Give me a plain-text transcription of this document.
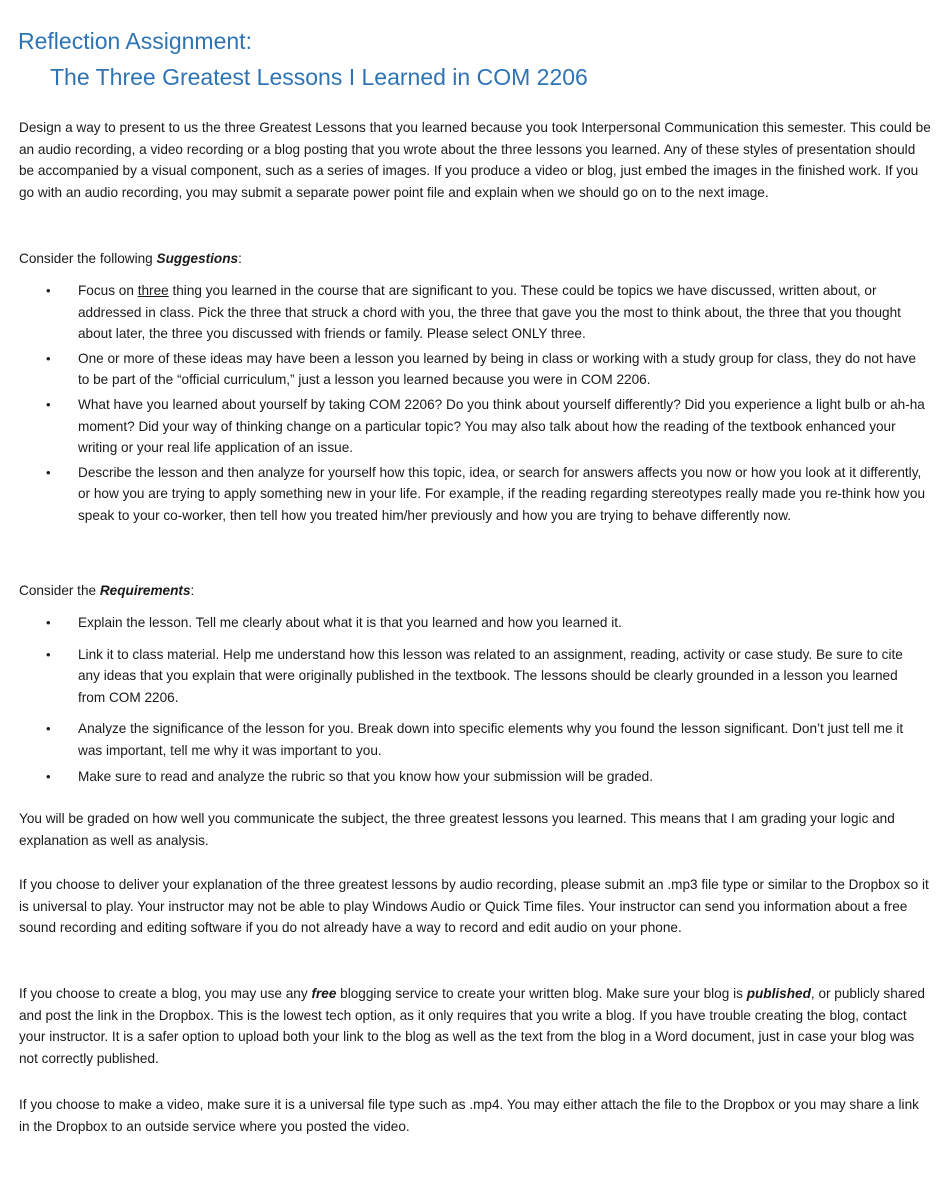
Reflection Assignment:
The Three Greatest Lessons I Learned in COM 2206

Design a way to present to us the three Greatest Lessons that you learned because you took Interpersonal Communication this semester. This could be an audio recording, a video recording or a blog posting that you wrote about the three lessons you learned. Any of these styles of presentation should be accompanied by a visual component, such as a series of images. If you produce a video or blog, just embed the images in the finished work. If you go with an audio recording, you may submit a separate power point file and explain when we should go on to the next image.

Consider the following Suggestions:
• Focus on three thing you learned in the course that are significant to you. These could be topics we have discussed, written about, or addressed in class. Pick the three that struck a chord with you, the three that gave you the most to think about, the three that you thought about later, the three you discussed with friends or family. Please select ONLY three.
• One or more of these ideas may have been a lesson you learned by being in class or working with a study group for class, they do not have to be part of the “official curriculum,” just a lesson you learned because you were in COM 2206.
• What have you learned about yourself by taking COM 2206? Do you think about yourself differently? Did you experience a light bulb or ah-ha moment? Did your way of thinking change on a particular topic? You may also talk about how the reading of the textbook enhanced your writing or your real life application of an issue.
• Describe the lesson and then analyze for yourself how this topic, idea, or search for answers affects you now or how you look at it differently, or how you are trying to apply something new in your life. For example, if the reading regarding stereotypes really made you re-think how you speak to your co-worker, then tell how you treated him/her previously and how you are trying to behave differently now.
Consider the Requirements:
• Explain the lesson. Tell me clearly about what it is that you learned and how you learned it.
• Link it to class material. Help me understand how this lesson was related to an assignment, reading, activity or case study. Be sure to cite any ideas that you explain that were originally published in the textbook. The lessons should be clearly grounded in a lesson you learned from COM 2206.
• Analyze the significance of the lesson for you. Break down into specific elements why you found the lesson significant. Don’t just tell me it was important, tell me why it was important to you.
• Make sure to read and analyze the rubric so that you know how your submission will be graded.

You will be graded on how well you communicate the subject, the three greatest lessons you learned. This means that I am grading your logic and explanation as well as analysis.

If you choose to deliver your explanation of the three greatest lessons by audio recording, please submit an .mp3 file type or similar to the Dropbox so it is universal to play. Your instructor may not be able to play Windows Audio or Quick Time files. Your instructor can send you information about a free sound recording and editing software if you do not already have a way to record and edit audio on your phone.

If you choose to create a blog, you may use any free blogging service to create your written blog. Make sure your blog is published, or publicly shared and post the link in the Dropbox. This is the lowest tech option, as it only requires that you write a blog. If you have trouble creating the blog, contact your instructor. It is a safer option to upload both your link to the blog as well as the text from the blog in a Word document, just in case your blog was not correctly published.

If you choose to make a video, make sure it is a universal file type such as .mp4. You may either attach the file to the Dropbox or you may share a link in the Dropbox to an outside service where you posted the video.
